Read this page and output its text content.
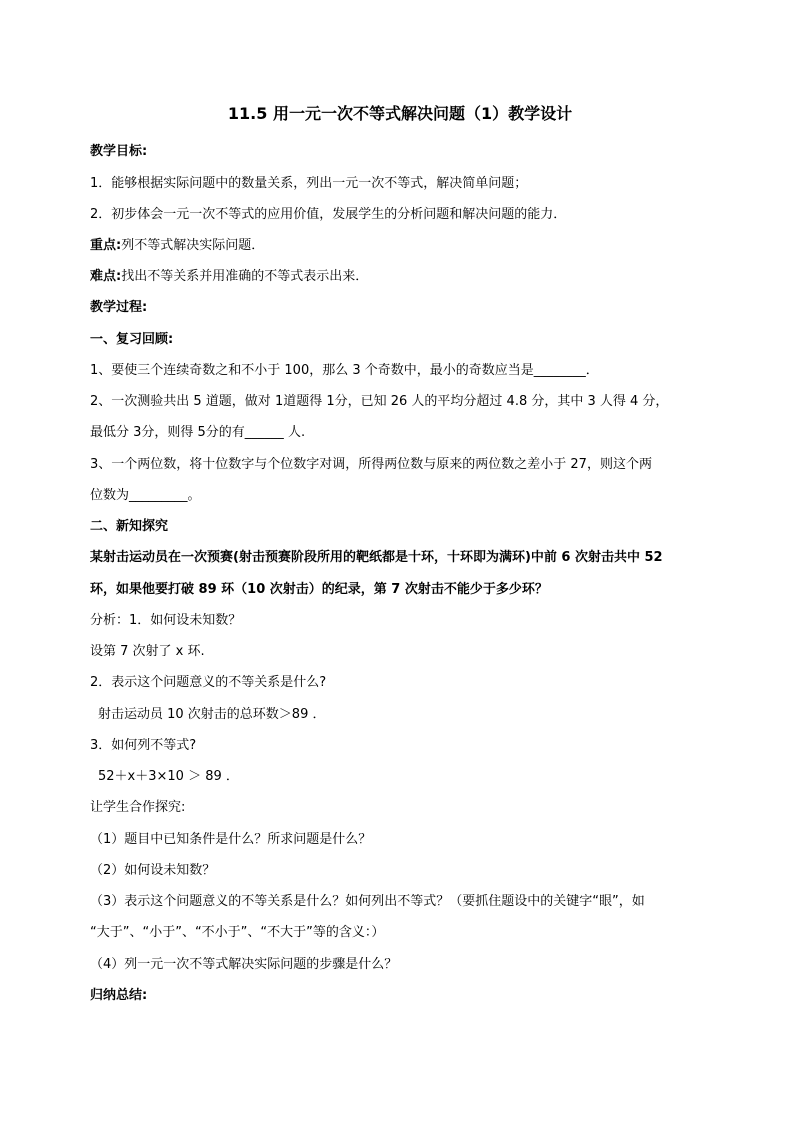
11.5 用一元一次不等式解决问题（1）教学设计
教学目标:
1．能够根据实际问题中的数量关系，列出一元一次不等式，解决简单问题；
2．初步体会一元一次不等式的应用价值，发展学生的分析问题和解决问题的能力．
重点:列不等式解决实际问题．
难点:找出不等关系并用准确的不等式表示出来．
教学过程:
一、复习回顾:
1、要使三个连续奇数之和不小于 100，那么 3 个奇数中，最小的奇数应当是________．
2、一次测验共出 5 道题，做对 1道题得 1分，已知 26 人的平均分超过 4.8 分，其中 3 人得 4 分，
最低分 3分，则得 5分的有______ 人.
3、一个两位数，将十位数字与个位数字对调，所得两位数与原来的两位数之差小于 27，则这个两
位数为_________。
二、新知探究
某射击运动员在一次预赛(射击预赛阶段所用的靶纸都是十环，十环即为满环)中前 6 次射击共中 52
环，如果他要打破 89 环（10 次射击）的纪录，第 7 次射击不能少于多少环？
分析：1．如何设未知数？
设第 7 次射了 x 环.
2．表示这个问题意义的不等关系是什么?
射击运动员 10 次射击的总环数＞89 ．
3．如何列不等式?
52＋x＋3×10 ＞ 89 ．
让学生合作探究:
（1）题目中已知条件是什么？所求问题是什么？
（2）如何设未知数？
（3）表示这个问题意义的不等关系是什么？如何列出不等式？（要抓住题设中的关键字“眼”，如
“大于”、“小于”、“不小于”、“不大于”等的含义：）
（4）列一元一次不等式解决实际问题的步骤是什么？
归纳总结:
